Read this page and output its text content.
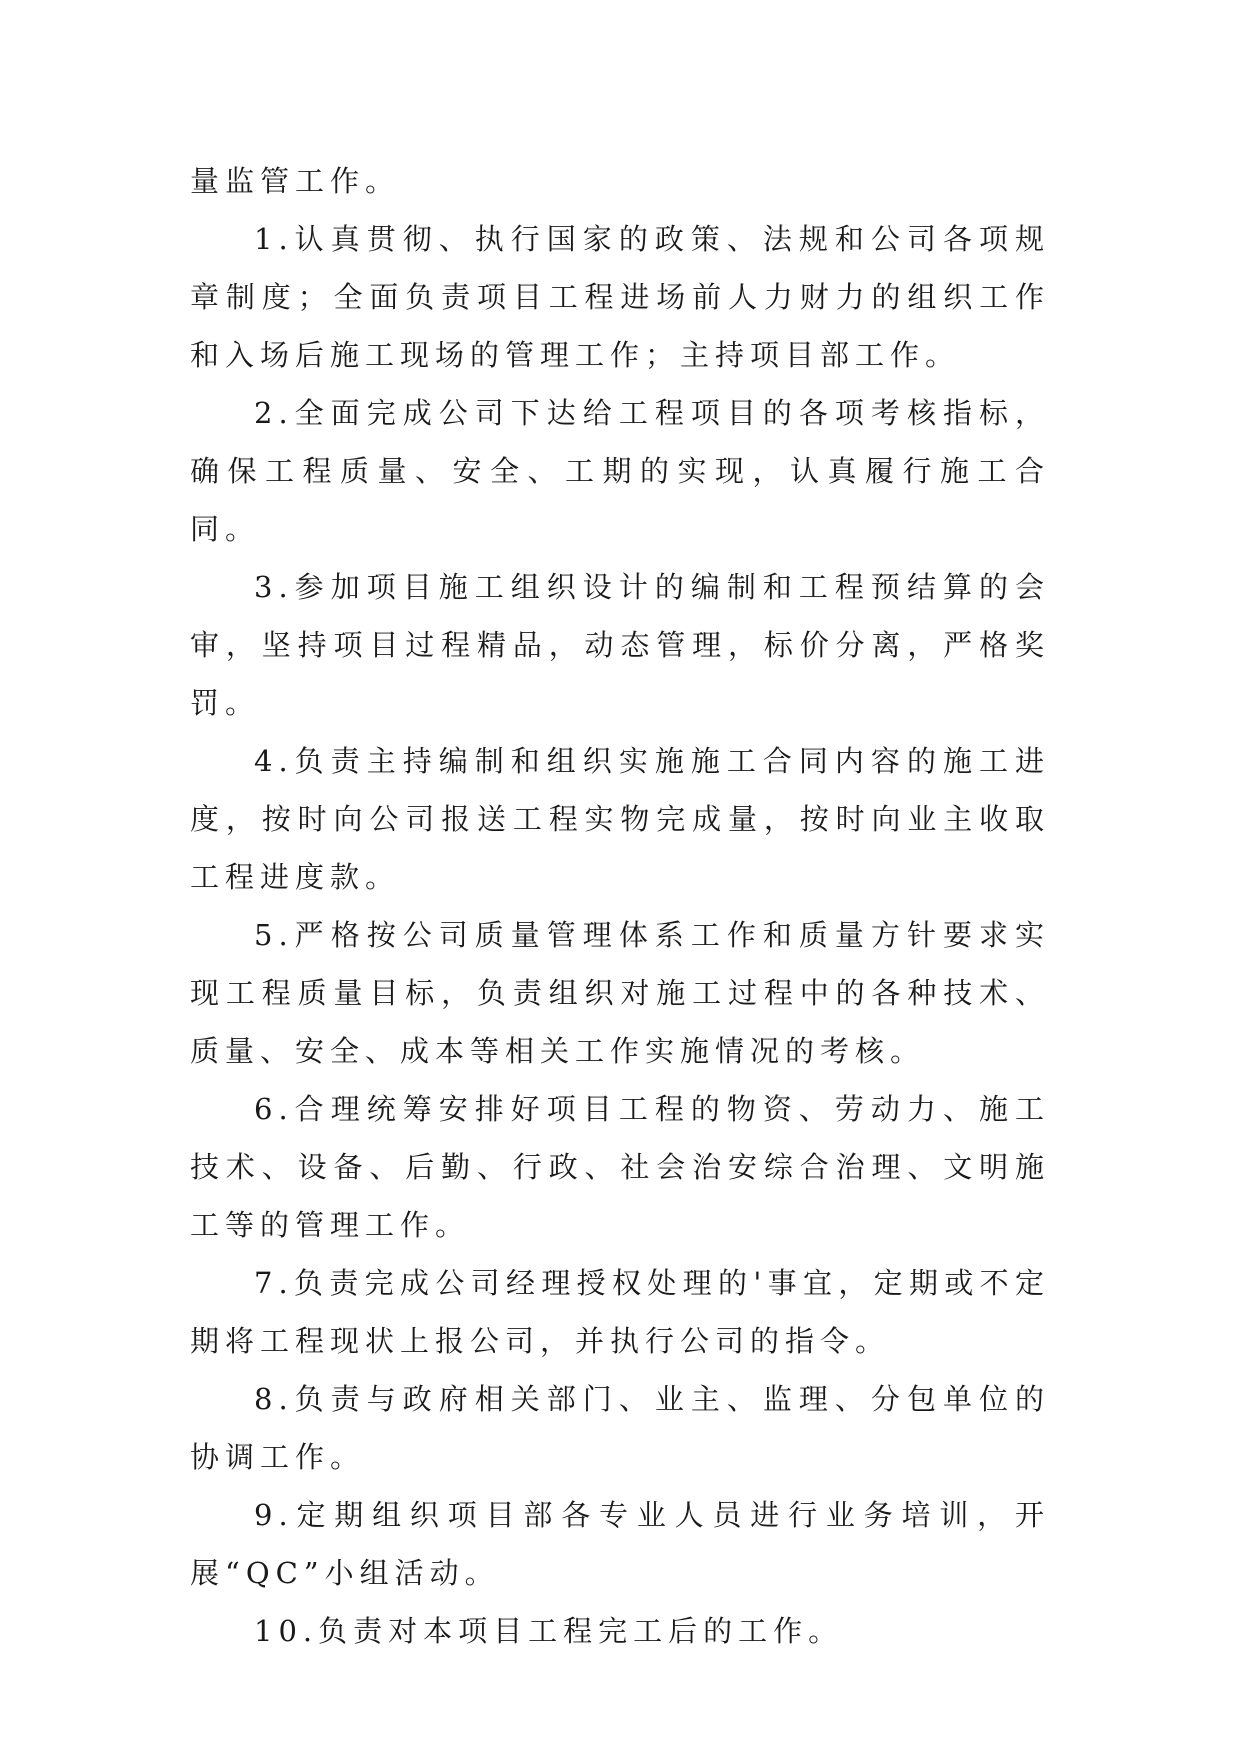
量监管工作。

1.认真贯彻、执行国家的政策、法规和公司各项规章制度；全面负责项目工程进场前人力财力的组织工作和入场后施工现场的管理工作；主持项目部工作。

2.全面完成公司下达给工程项目的各项考核指标，确保工程质量、安全、工期的实现，认真履行施工合同。

3.参加项目施工组织设计的编制和工程预结算的会审，坚持项目过程精品，动态管理，标价分离，严格奖罚。

4.负责主持编制和组织实施施工合同内容的施工进度，按时向公司报送工程实物完成量，按时向业主收取工程进度款。

5.严格按公司质量管理体系工作和质量方针要求实现工程质量目标，负责组织对施工过程中的各种技术、质量、安全、成本等相关工作实施情况的考核。

6.合理统筹安排好项目工程的物资、劳动力、施工技术、设备、后勤、行政、社会治安综合治理、文明施工等的管理工作。

7.负责完成公司经理授权处理的'事宜，定期或不定期将工程现状上报公司，并执行公司的指令。

8.负责与政府相关部门、业主、监理、分包单位的协调工作。

9.定期组织项目部各专业人员进行业务培训，开展“QC”小组活动。

10.负责对本项目工程完工后的工作。
